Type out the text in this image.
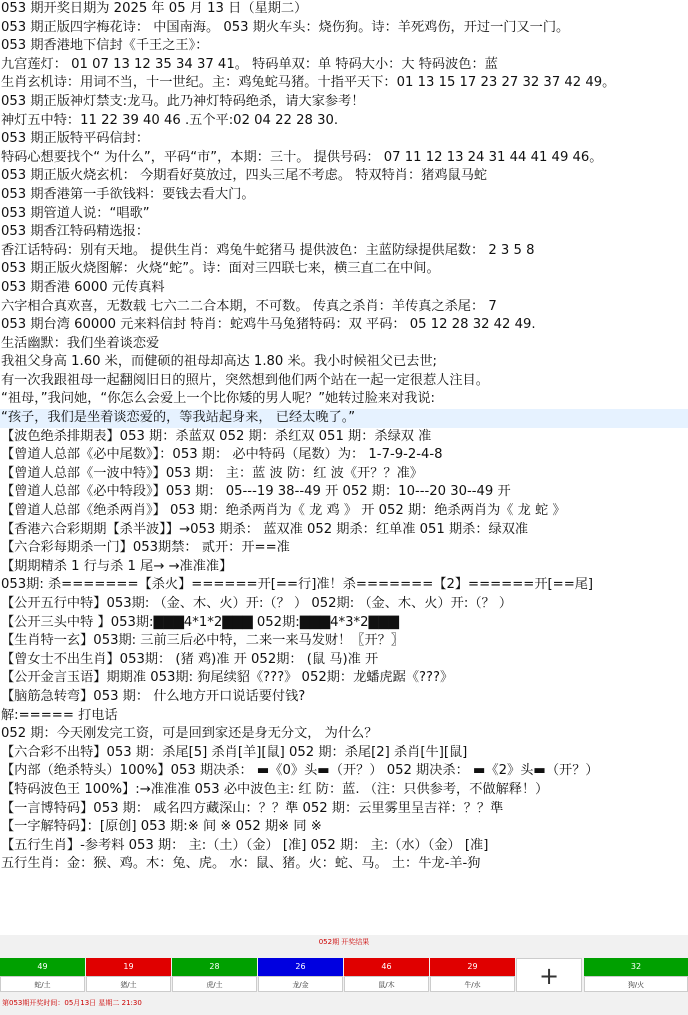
053 期开奖日期为 2025 年 05 月 13 日（星期二）
053 期正版四字梅花诗： 中国南海。 053 期火车头：烧伤狗。诗：羊死鸡伤，开过一门又一门。
053 期香港地下信封《千王之王》：
九宫莲灯： 01 07 13 12 35 34 37 41。 特码单双：单 特码大小：大 特码波色：蓝
生肖玄机诗：用词不当，十一世纪。主：鸡兔蛇马猪。十指平天下：01 13 15 17 23 27 32 37 42 49。
053 期正版神灯禁支:龙马。此乃神灯特码绝杀，请大家参考！
神灯五中特：11 22 39 40 46 .五个平:02 04 22 28 30.
053 期正版特平码信封：
特码心想要找个“ 为什么”，平码“市”，本期：三十。 提供号码： 07 11 12 13 24 31 44 41 49 46。
053 期正版火烧玄机： 今期看好莫放过，四头三尾不考虑。 特双特肖：猪鸡鼠马蛇
053 期香港第一手欲钱料：要钱去看大门。
053 期管道人说：“唱歌”
053 期香江特码精选报：
香江话特码：别有天地。 提供生肖：鸡兔牛蛇猪马 提供波色：主蓝防绿提供尾数： 2 3 5 8
053 期正版火烧图解：火烧“蛇”。诗：面对三四联七来，横三直二在中间。
053 期香港 6000 元传真料
六字相合真欢喜，无数载 七六二二合本期，不可数。 传真之杀肖：羊传真之杀尾： 7
053 期台湾 60000 元来料信封 特肖：蛇鸡牛马兔猪特码：双 平码： 05 12 28 32 42 49.
生活幽默：我们坐着谈恋爱
我祖父身高 1.60 米，而健硕的祖母却高达 1.80 米。我小时候祖父已去世;
有一次我跟祖母一起翻阅旧日的照片，突然想到他们两个站在一起一定很惹人注目。
“祖母，”我问她，“你怎么会爱上一个比你矮的男人呢？”她转过脸来对我说:
“孩子，我们是坐着谈恋爱的，等我站起身来， 已经太晚了。”
【波色绝杀排期表】053 期：杀蓝双 052 期：杀红双 051 期：杀绿双 准
【曾道人总部《必中尾数》】：053 期： 必中特码（尾数）为： 1-7-9-2-4-8
【曾道人总部《一波中特》】053 期： 主：蓝 波 防：红 波《开？？准》
【曾道人总部《必中特段》】053 期： 05---19 38--49 开 052 期：10---20 30--49 开
【曾道人总部《绝杀两肖》】 053 期：绝杀两肖为《 龙 鸡 》 开 052 期：绝杀两肖为《 龙 蛇 》
【香港六合彩期期【杀半波】】→053 期杀： 蓝双准 052 期杀：红单准 051 期杀：绿双准
【六合彩每期杀一门】053期禁： 贰开：开==准
【期期精杀 1 行与杀 1 尾→ →准准准】
053期: 杀=======【杀火】======开[==行]准！杀=======【2】======开[==尾]
【公开五行中特】053期: （金、木、火）开:（？ ） 052期: （金、木、火）开:（？ ）
【公开三头中特 】053期:▇▇▇4*1*2▇▇▇ 052期:▇▇▇4*3*2▇▇▇
【生肖特一玄】053期: 三前三后必中特，二来一来马发财！〖开？〗
【曾女士不出生肖】053期： (猪 鸡)准 开 052期： (鼠 马)准 开
【公开金言玉语】期期准 053期: 狗尾续貂《???》 052期：龙蟠虎踞《???》
【脑筋急转弯】053 期： 什么地方开口说话要付钱?
解:===== 打电话
052 期：今天刚发完工资，可是回到家还是身无分文， 为什么？
【六合彩不出特】053 期：杀尾[5] 杀肖[羊][鼠] 052 期：杀尾[2] 杀肖[牛][鼠]
【内部（绝杀特头）100%】053 期决杀： ▬《0》头▬（开？） 052 期决杀： ▬《2》头▬（开？）
【特码波色王 100%】:→准准准 053 必中波色主: 红 防：蓝. （注：只供参考，不做解释！）
【一言博特码】053 期： 咸名四方藏深山：？？準 052 期：云里雾里呈吉祥：？？準
【一字解特码】：[原创] 053 期:※ 间 ※ 052 期※ 同 ※
【五行生肖】-参考料 053 期： 主:（土）（金） [准] 052 期： 主:（水）（金） [准]
五行生肖：金：猴、鸡。木：兔、虎。 水：鼠、猪。火：蛇、马。 土：牛龙-羊-狗
052期 开奖结果
49
蛇/土
19
猪/土
28
虎/土
26
龙/金
46
鼠/木
29
牛/水	+	32
狗/火
第053期开奖时间：05月13日 星期二 21:30
